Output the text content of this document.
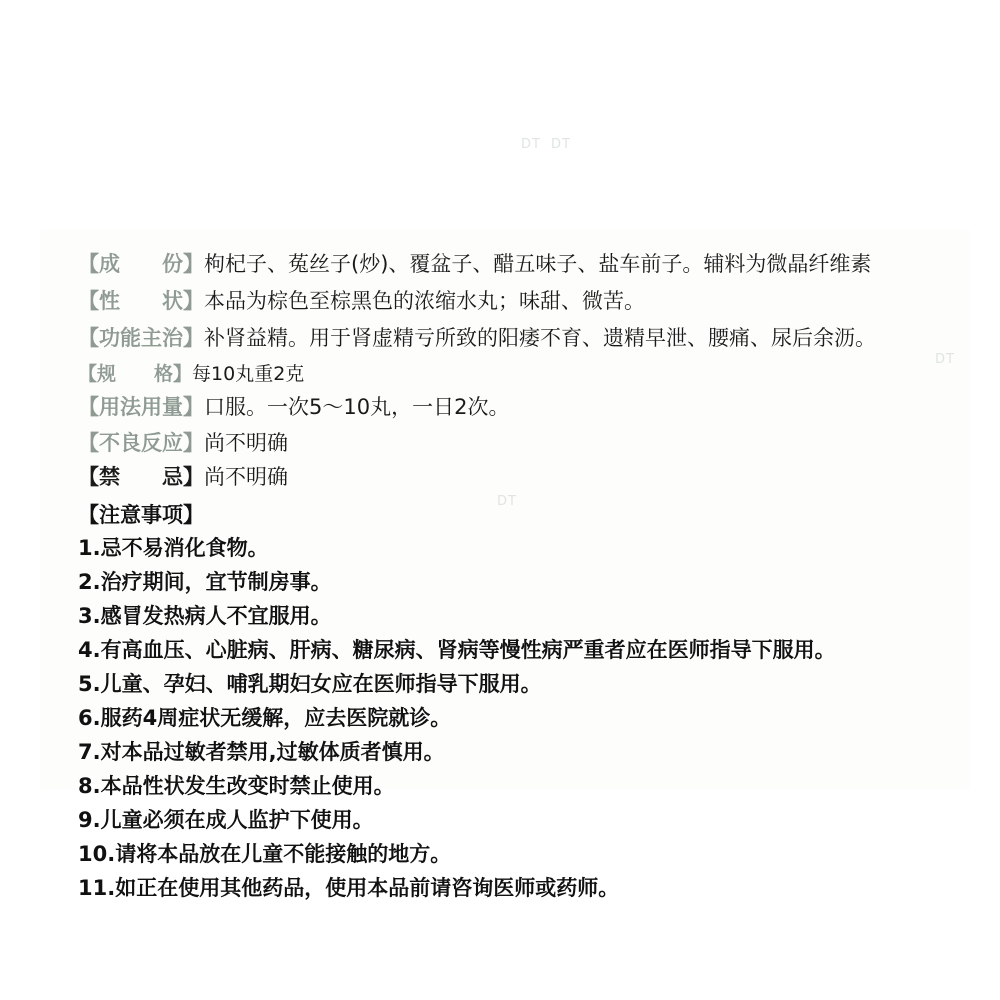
DT DT
DT
DT
【成　　份】 枸杞子、菟丝子(炒)、覆盆子、醋五味子、盐车前子。辅料为微晶纤维素
【性　　状】 本品为棕色至棕黑色的浓缩水丸；味甜、微苦。
【功能主治】 补肾益精。用于肾虚精亏所致的阳痿不育、遗精早泄、腰痛、尿后余沥。
【规　　格】 每10丸重2克
【用法用量】 口服。一次5～10丸，一日2次。
【不良反应】 尚不明确
【禁　　忌】 尚不明确
【注意事项】
1.忌不易消化食物。
2.治疗期间，宜节制房事。
3.感冒发热病人不宜服用。
4.有高血压、心脏病、肝病、糖尿病、肾病等慢性病严重者应在医师指导下服用。
5.儿童、孕妇、哺乳期妇女应在医师指导下服用。
6.服药4周症状无缓解，应去医院就诊。
7.对本品过敏者禁用,过敏体质者慎用。
8.本品性状发生改变时禁止使用。
9.儿童必须在成人监护下使用。
10.请将本品放在儿童不能接触的地方。
11.如正在使用其他药品，使用本品前请咨询医师或药师。
